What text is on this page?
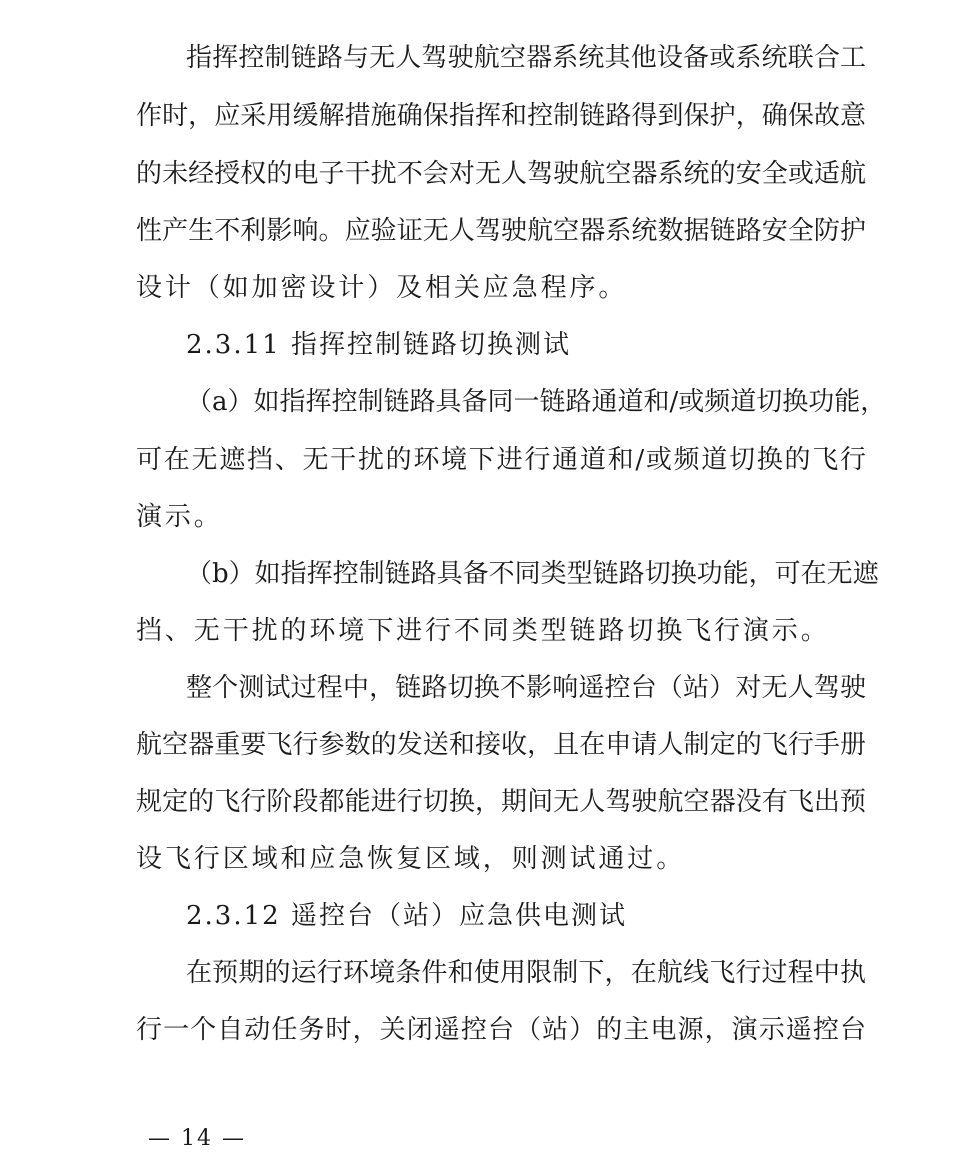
指挥控制链路与无人驾驶航空器系统其他设备或系统联合工
作时，应采用缓解措施确保指挥和控制链路得到保护，确保故意
的未经授权的电子干扰不会对无人驾驶航空器系统的安全或适航
性产生不利影响。应验证无人驾驶航空器系统数据链路安全防护
设计（如加密设计）及相关应急程序。
2.3.11 指挥控制链路切换测试
（a）如指挥控制链路具备同一链路通道和/或频道切换功能，
可在无遮挡、无干扰的环境下进行通道和/或频道切换的飞行
演示。
（b）如指挥控制链路具备不同类型链路切换功能，可在无遮
挡、无干扰的环境下进行不同类型链路切换飞行演示。
整个测试过程中，链路切换不影响遥控台（站）对无人驾驶
航空器重要飞行参数的发送和接收，且在申请人制定的飞行手册
规定的飞行阶段都能进行切换，期间无人驾驶航空器没有飞出预
设飞行区域和应急恢复区域，则测试通过。
2.3.12 遥控台（站）应急供电测试
在预期的运行环境条件和使用限制下，在航线飞行过程中执
行一个自动任务时，关闭遥控台（站）的主电源，演示遥控台
— 14 —
